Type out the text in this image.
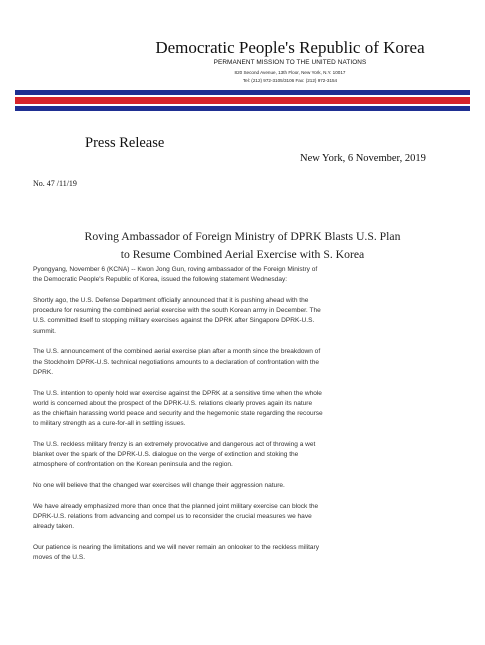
Democratic People's Republic of Korea
PERMANENT MISSION TO THE UNITED NATIONS
820 Second Avenue, 13th Floor, New York, N.Y. 10017
Tel: (212) 972-3105/3106 Fax: (212) 972-3154
Press Release
New York, 6 November, 2019
No. 47 /11/19
Roving Ambassador of Foreign Ministry of DPRK Blasts U.S. Plan
to Resume Combined Aerial Exercise with S. Korea

Pyongyang, November 6 (KCNA) -- Kwon Jong Gun, roving ambassador of the Foreign Ministry of
the Democratic People's Republic of Korea, issued the following statement Wednesday:

Shortly ago, the U.S. Defense Department officially announced that it is pushing ahead with the
procedure for resuming the combined aerial exercise with the south Korean army in December. The
U.S. committed itself to stopping military exercises against the DPRK after Singapore DPRK-U.S.
summit.

The U.S. announcement of the combined aerial exercise plan after a month since the breakdown of
the Stockholm DPRK-U.S. technical negotiations amounts to a declaration of confrontation with the
DPRK.

The U.S. intention to openly hold war exercise against the DPRK at a sensitive time when the whole
world is concerned about the prospect of the DPRK-U.S. relations clearly proves again its nature
as the chieftain harassing world peace and security and the hegemonic state regarding the recourse
to military strength as a cure-for-all in settling issues.

The U.S. reckless military frenzy is an extremely provocative and dangerous act of throwing a wet
blanket over the spark of the DPRK-U.S. dialogue on the verge of extinction and stoking the
atmosphere of confrontation on the Korean peninsula and the region.

No one will believe that the changed war exercises will change their aggression nature.

We have already emphasized more than once that the planned joint military exercise can block the
DPRK-U.S. relations from advancing and compel us to reconsider the crucial measures we have
already taken.

Our patience is nearing the limitations and we will never remain an onlooker to the reckless military
moves of the U.S.
